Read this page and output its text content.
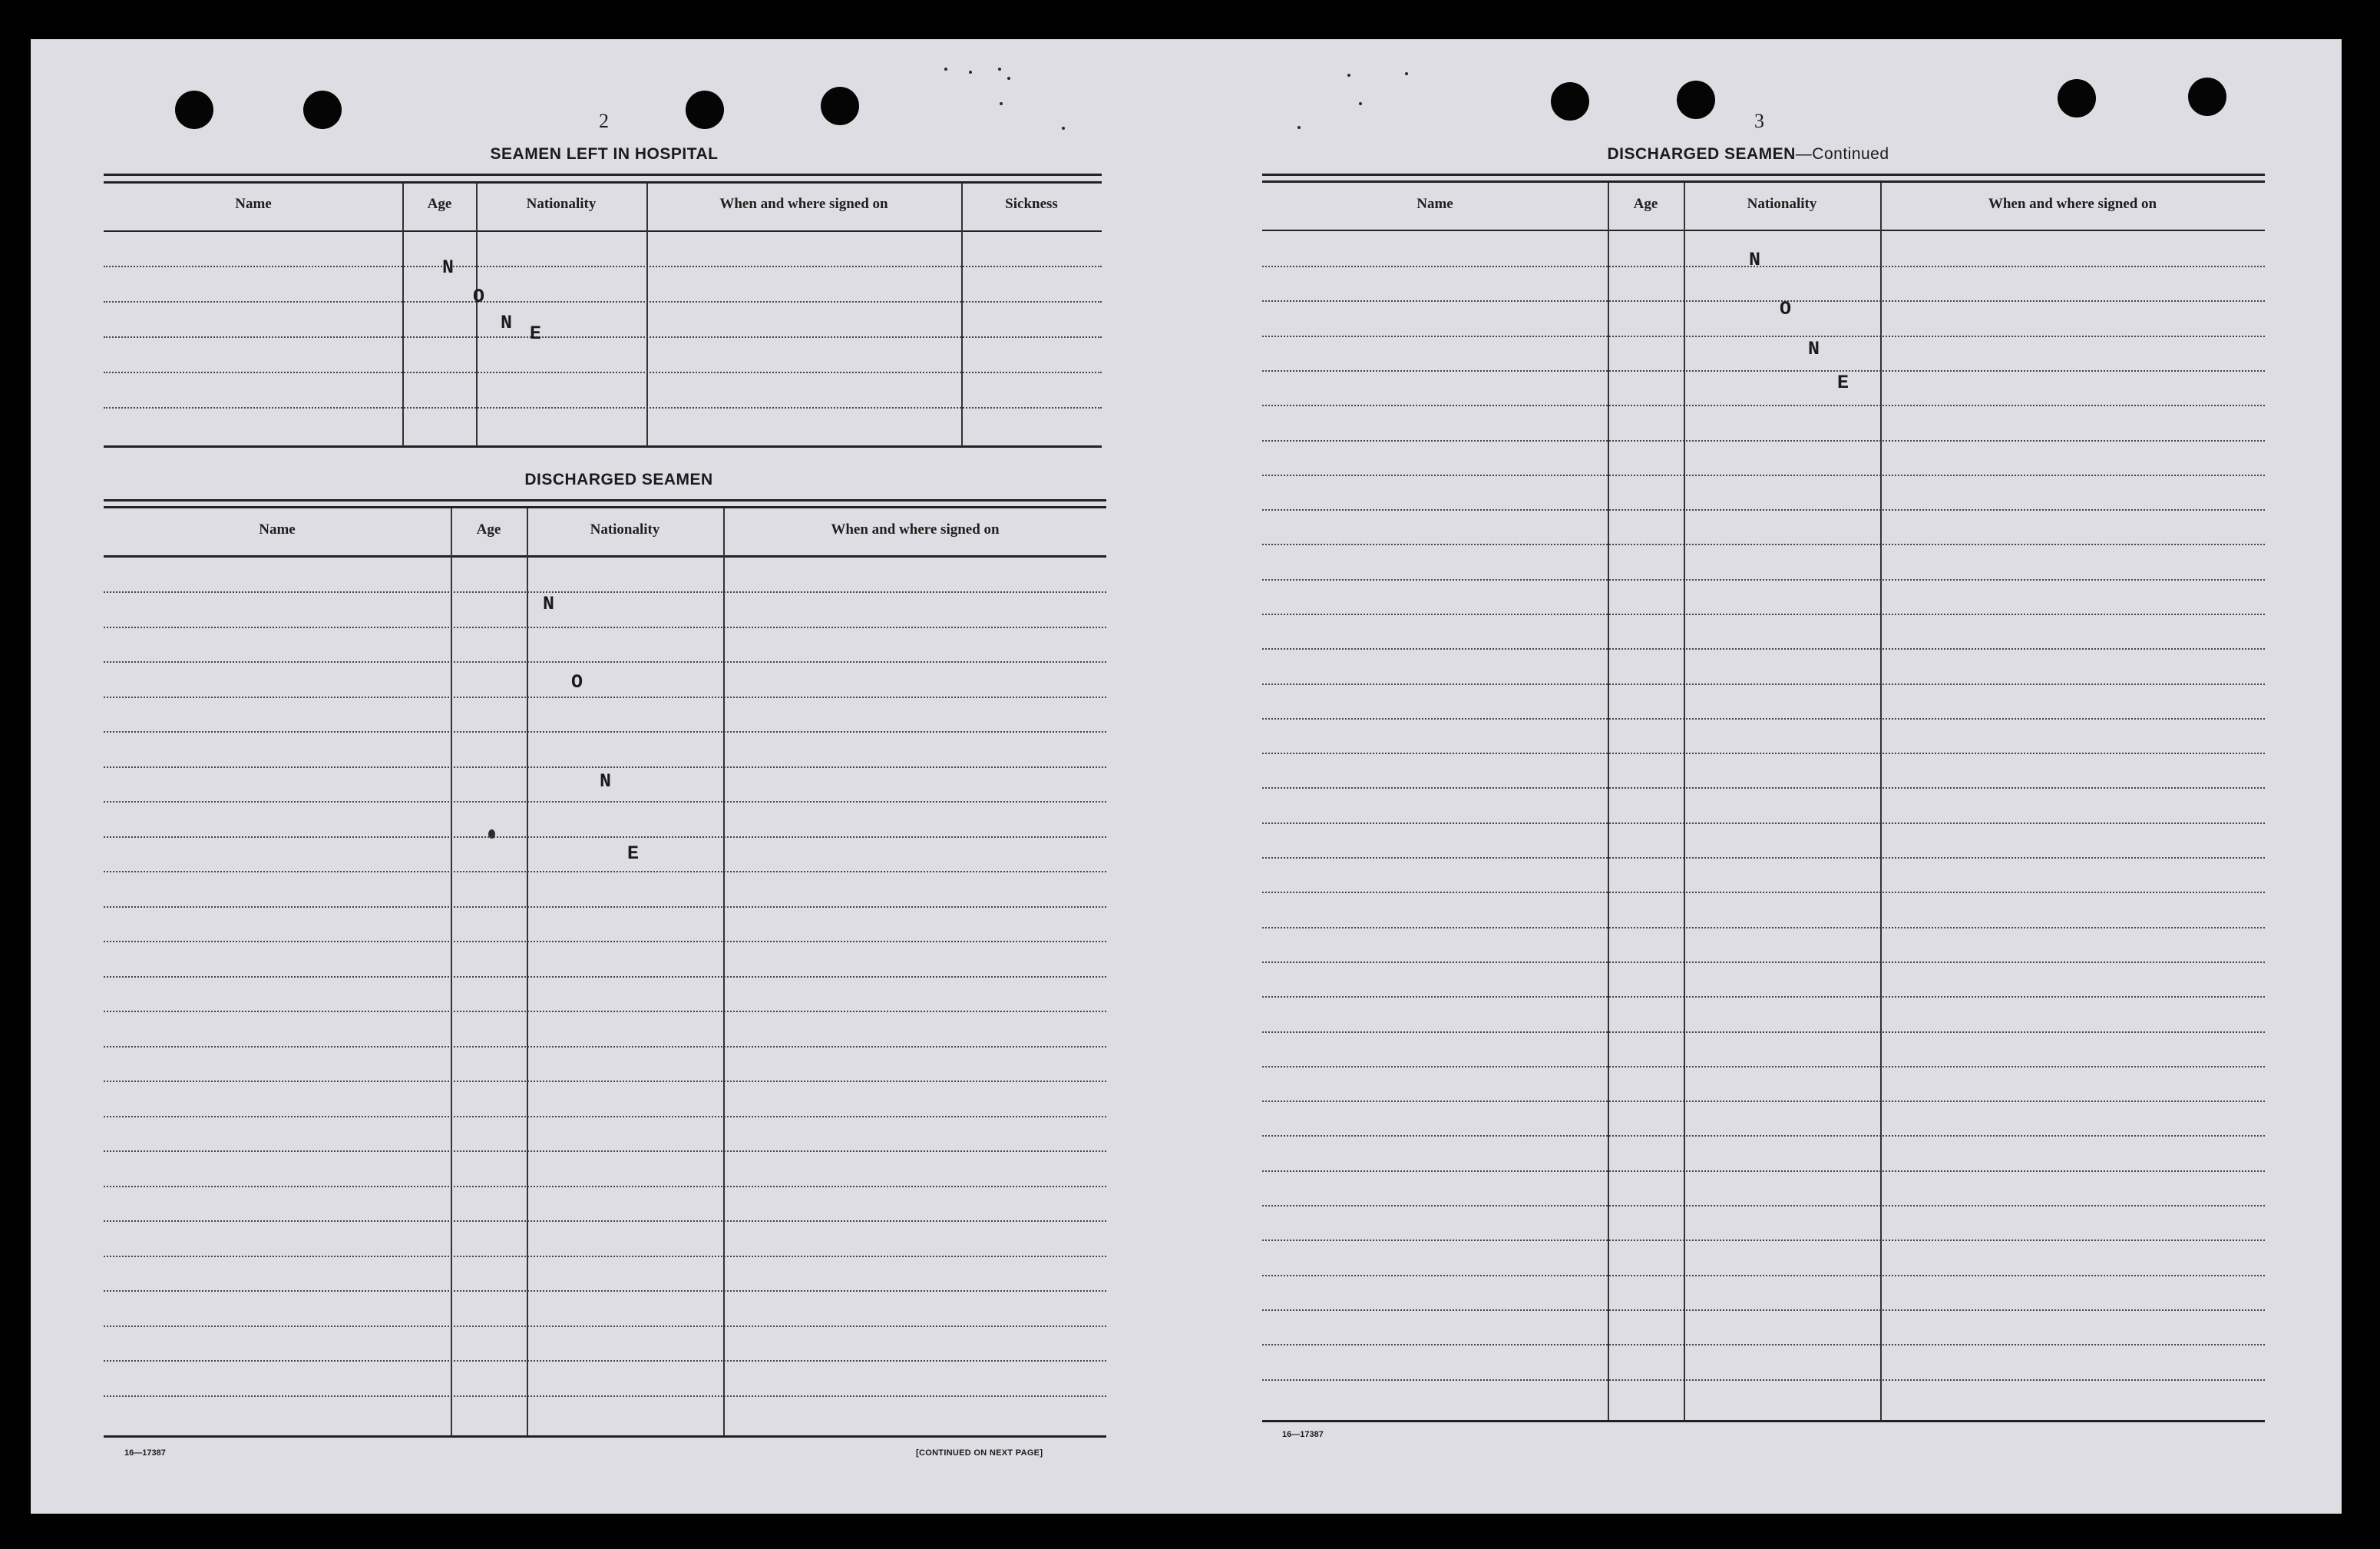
2
SEAMEN LEFT IN HOSPITAL
Name	Age	Nationality	When and where signed on	Sickness
N
O
N E
DISCHARGED SEAMEN
Name	Age	Nationality	When and where signed on
N
O
N
E
16—17387	[CONTINUED ON NEXT PAGE]
3
DISCHARGED SEAMEN—Continued
Name	Age	Nationality	When and where signed on
N
O
N
E
16—17387
